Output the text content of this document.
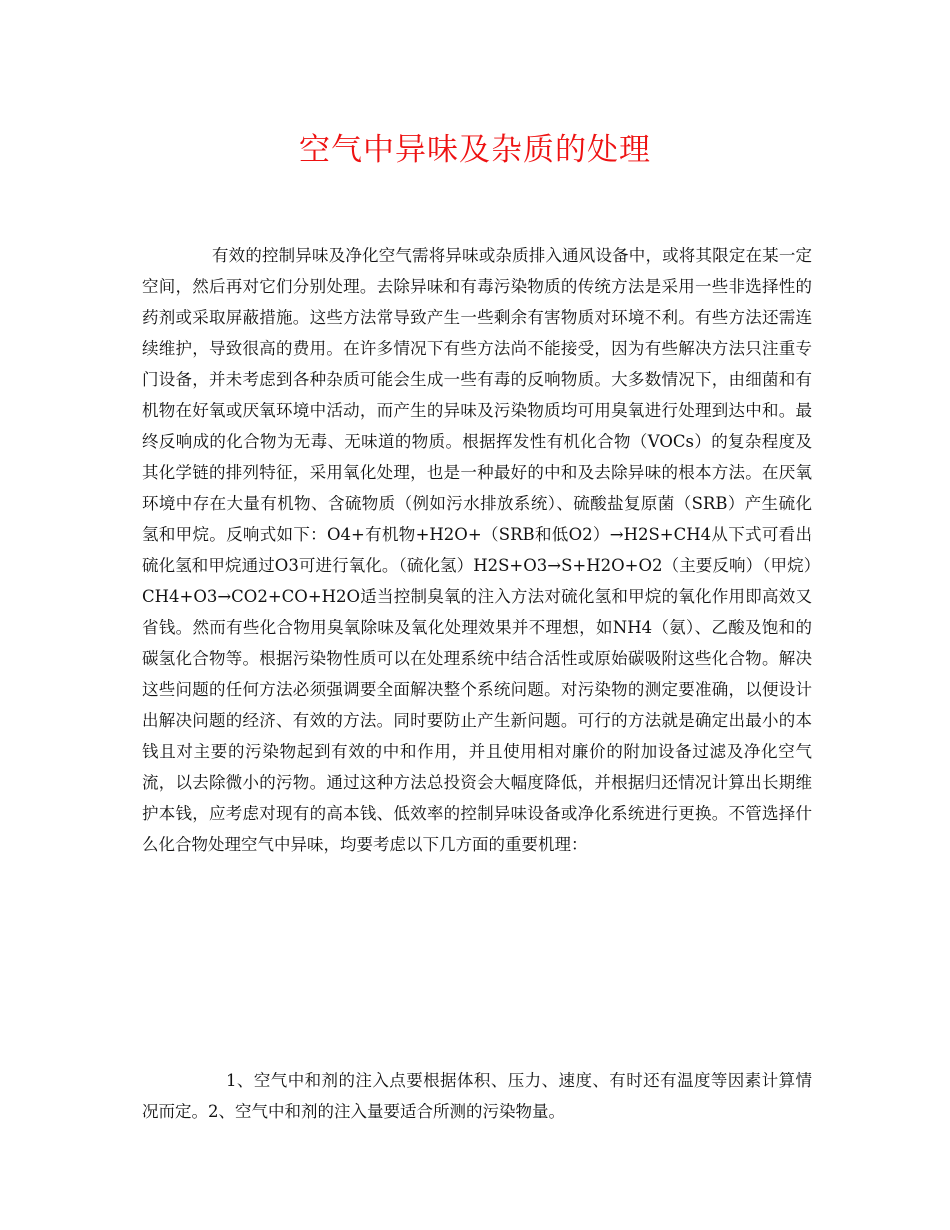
空气中异味及杂质的处理

有效的控制异味及净化空气需将异味或杂质排入通风设备中，或将其限定在某一定空间，然后再对它们分别处理。去除异味和有毒污染物质的传统方法是采用一些非选择性的药剂或采取屏蔽措施。这些方法常导致产生一些剩余有害物质对环境不利。有些方法还需连续维护，导致很高的费用。在许多情况下有些方法尚不能接受，因为有些解决方法只注重专门设备，并未考虑到各种杂质可能会生成一些有毒的反响物质。大多数情况下，由细菌和有机物在好氧或厌氧环境中活动，而产生的异味及污染物质均可用臭氧进行处理到达中和。最终反响成的化合物为无毒、无味道的物质。根据挥发性有机化合物（VOCs）的复杂程度及其化学链的排列特征，采用氧化处理，也是一种最好的中和及去除异味的根本方法。在厌氧环境中存在大量有机物、含硫物质（例如污水排放系统）、硫酸盐复原菌（SRB）产生硫化氢和甲烷。反响式如下：O4+有机物+H2O+（SRB和低O2）→H2S+CH4从下式可看出硫化氢和甲烷通过O3可进行氧化。（硫化氢）H2S+O3→S+H2O+O2（主要反响）（甲烷）CH4+O3→CO2+CO+H2O适当控制臭氧的注入方法对硫化氢和甲烷的氧化作用即高效又省钱。然而有些化合物用臭氧除味及氧化处理效果并不理想，如NH4（氨）、乙酸及饱和的碳氢化合物等。根据污染物性质可以在处理系统中结合活性或原始碳吸附这些化合物。解决这些问题的任何方法必须强调要全面解决整个系统问题。对污染物的测定要准确，以便设计出解决问题的经济、有效的方法。同时要防止产生新问题。可行的方法就是确定出最小的本钱且对主要的污染物起到有效的中和作用，并且使用相对廉价的附加设备过滤及净化空气流，以去除微小的污物。通过这种方法总投资会大幅度降低，并根据归还情况计算出长期维护本钱，应考虑对现有的高本钱、低效率的控制异味设备或净化系统进行更换。不管选择什么化合物处理空气中异味，均要考虑以下几方面的重要机理：

1、空气中和剂的注入点要根据体积、压力、速度、有时还有温度等因素计算情况而定。2、空气中和剂的注入量要适合所测的污染物量。
